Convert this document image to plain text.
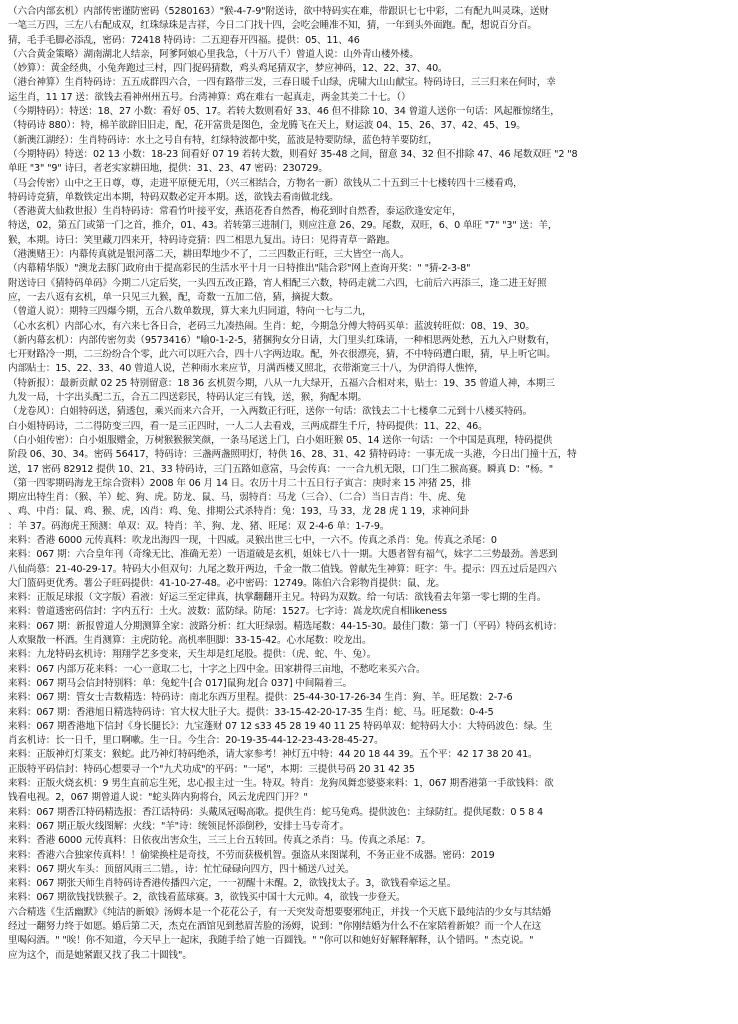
（六合内部玄机）内部传密谨防密码（5280163）"猴-4-7-9"附送诗，欲中特码实在难，带跟识七七中彩，二有配九叫灵珠，送财
一笔三万四，三左八右配成双，红珠绿珠是吉祥，今日二门找十四，会吃会睡准不知，猜，一年到头外面跑。配，想说百分百。
猜，毛手毛脚必添乱，密码：72418 特码诗：二五迎春开四福。提供：05、11、46
（六合黄金策略）湖南湖北人结亲，阿爹阿娘心里我急，（十万八千）曾道人说：山外青山楼外楼。
（妙算）：黄金经典，小兔奔跑过三村，四门捉码猜数，鸡头鸡尾猜双字，梦应神码，12、22、37、40。
（港台神算）生肖特码诗：五五成群四六合，一四有路带三发，三春日暖千山绿，虎啸大山山献宝。特码诗曰，三三归来在何时，幸
运生肖，11 17 送：欲钱去看神州州五号。台湾神算：鸡在难右一起真走，两金其美二十七。（）
（今期特码）：特送：18、27 小数：看好 05、17。若转大数则看好 33、46 但不排除 10、34 曾道人送你一句话：风起雁惊绪生，
（特码诗 880）：特，棉羊欲辟旧旧走，配，花开富贵是图色，金龙腾飞在天上，财运波 04、15、26、37、42、45、19。
（新澳江湖经）：生肖特码诗：水土之号自有特，红绿特波都中奖，蓝波是特要防绿，蓝色特羊要防红，
（今期特码）特送：02 13 小数：18-23 间看好 07 19 若转大数，则看好 35-48 之间，留意 34、32 但不排除 47、46 尾数双旺 "2 "8
单旺 "3" "9" 诗曰，者老实家耕田地，提供：31、23、47 密码：230729。
（马会传密）山中之王日尊，尊，走进平原便无用，（兴三相结合，方物名一新）欲钱从二十五到三十七楼转四十三楼看鸡，
特码诗竞猜，单数铁定出本期，特码双数必定开本期。送，欲钱去看南做北线。
（香港黄大仙救世报）生肖特码诗：常看竹叶接平安，燕语花香自然香，梅花到时自然香，泰运欣逢安定年，
特送，02，第五门或第一门之首，推介，01、43。若转第三进制门，则应注意 26、29。尾数，双旺，6、0 单旺 "7" "3" 送：羊，
猴，本期。诗曰：笑里藏刀四来开，特码诗竞猜：四二相思九复出。诗曰：见得青草一路跑。
（港澳赌王）：内幕传真就是银河落二天，耕田犁地少不了，二三四数正行旺，三大皆空一高人。
（内幕精华版）"澳龙去豚门政府由于提高彩民的生活水平十月一日特推出"陆合彩"网上查询开奖：" "猜-2-3-8"
附送诗曰《猜特码单码》今期二八定后奖，一头四五改正路，宵人相配三六数，特码走就二六四，七前后六再添三，逢二进王好照
应，一去八返有玄机，单一只见三九猴，配，奇数一五加二倍，猜，摘捉大数。
（曾道人说）：期特三四爆今期，五合八数单数现，算大来九归同道，特向一七与二九，
（心水玄机）内部心水，有六来七各日合，老码三九凑热闹。生肖：蛇，今期急分傅大特码买单：蓝波转旺似：08、19、30。
（新内幕玄机）：内部传密勿卖（9573416）"喻0-1-2-5，猪捆狗女分日请，大门里头红珠请，一种相思两处愁，五九入户财数有，
七开财路冷一期，二三纷纷合个零，此六可以旺六合，四十八字两边取。配，外衣很漂亮，猜，不中特码遭白眼，猜，早上听它叫。
内部贴士：15、22、33、40 曾道人说，芒种雨水来应节，月满西楼又照北，衣带渐宽三十八，为伊消得人憔悴，
（特新报）：最新贡献 02 25 特别留意：18 36 玄机贺今期，八从一九大绿开，五福六合相对来，贴士：19、35 曾道人神，本期三
九发一局，十字出头配二五，合五二四送彩民，特码认定三有钱，送，猴，狗配本期。
（龙卷风）：白姐特码送，猜透包，乘兴而来六合开，一入两数正行旺，送你一句话：欲钱去二十七楼拿二元到十八楼买特码。
白小姐特码诗，二二得防变三四，看一是三正四时，一人二人去看戏，三两成群生千斤，特码提供：11、22、46。
（白小姐传密）：白小姐服赠金，万树猴猴猴笑颜，一条马尾送上门，白小姐旺猴 05、14 送你一句话：一个中国是真理，特码提供
阶段 06、30、34。密码 56417，特码诗：三盏两盏照明灯，特供 16、28、31、42 猜特码诗：一事无成一头港，今日出门撞十五，特
送，17 密码 82912 提供 10、21、33 特码诗，三门五路如意富，马会传真：一一合九机无限，口门生二猴高赛。瞬真 D："杨。"
（第一四零期码海龙王综合资料）2008 年 06 月 14 日。农历十月二十五日行子寅言：庚时来 15 冲猪 25，排
期应出特生肖：（猴、羊）蛇、狗、虎。防龙、鼠、马，弱特肖：马龙（三合）、（二合）当日吉肖：牛、虎、兔
、鸡、中肖：鼠、鸡、猴、虎，凶肖：鸡、兔、排期公式杀特肖：兔：193，马 33，龙 28 虎 1 19，求神问卦
：羊 37。码海虎王预测：单双：双。特肖：羊、狗、龙、猪、旺尾：双 2-4-6 单：1-7-9。
来料：香港 6000 元传真料：吹龙出海四一现，十四威。灵猴出世三七中，一六不。传真之杀肖：兔。传真之杀尾：0
来料：067 期：六合皇年刊（奇缘无比、准确无差）一语道破是玄机，姐妹七八十一期。大愚者智有福气，妹字二三势最劲。善恶到
八仙尚慕：21-40-29-17。特码大小但双句：九尾之数开两边，千金一散二值钱。曾献先生神算：旺字：牛。提示：四五过后是四六
大门篮码更优秀。薯公子旺码提供：41-10-27-48。必中密码：12749。陈伯六合彩物肖提供：鼠、龙。
来料：正版足球报（文字版）看液：好运三至定律真，执掌翻翻开主兄。特码为双数。给一句话：欲钱看去年第一零七期的生肖。
来料：曾道透密码信封：字内五行：土火。波数：蓝防绿。防尾：1527。七字诗：嵩龙坎虎自相likeness
来料：067 期：新报曾道人分期测算全家：波路分析：红大旺绿弱。精选尾数：44-15-30。最佳门数：第一门（平码）特码玄机诗：
人欢聚散一杯酒。生肖测算：主虎防轮。高机率胆脚：33-15-42。心水尾数：咬龙出。
来料：九龙特码玄机诗：翔翔学艺多变来，天生却是红尾股。提供：（虎、蛇、牛、兔）。
来料：067 内部万花来料：一心一意取二七，十字之上四中金。田家耕得三亩地，不愁吃来买六合。
来料：067 期马会信封特别料：单：兔蛇牛[合 017]鼠狗龙[合 037] 中间隔着三。
来料：067 期：管女士吉数精选：特码诗：南北东西万里程。提供：25-44-30-17-26-34 生肖：狗、羊。旺尾数：2-7-6
来料：067 期：香港旭日精选特码诗：官大权大肚子大。提供：33-15-42-20-17-35 生肖：蛇、马。旺尾数：0-4-5
来料：067 期香港地下信封《身长腿长》：九宝蓬财 07 12 s33 45 28 19 40 11 25 特码单双：蛇特码大小：大特码波色：绿。生
肖玄机诗：长一日千，里口啊嗽。生一日。今生合：20-19-35-44-12-23-43-28-45-27。
来料：正版神灯灯莱支：猴蛇。此乃神灯特码绝杀，请大家参考！神灯五中特：44 20 18 44 39。五个平：42 17 38 20 41。
正版特平码信封：特码心想要寻一个"九犬功成"的平码："一尾"，本期：三提供号码 20 31 42 35
来料：正版火烧玄机：9 男生直前忘生死，忠心报主过一生。特双。特肖：龙狗凤舞恋婆婆来料：1，067 期香港第一手欲钱料：欲
钱看电视。2，067 期曾道人说："蛇头阵内狗将台，风云龙虎四门开？"
来料：067 期香江特码精选报：香江话特码：头戴凤冠喝高歌。提供生肖：蛇马兔鸡。提供波色：主绿防红。提供尾数：0 5 8 4
来料：067 期正版火线图解：火线："羊"诗：统领昆怀添倒秒，安排士马专奇才。
来料：香港 6000 元传真料：日依夜出害众生，三三上台五转回。传真之杀肖：马。传真之杀尾：7。
来料：香港六合独家传真料！！偷梁换柱是奇技，不劳而获极机智。强盗从来图谋利，不务正业不成器。密码：2019
来料：067 期火车头：顶留风雨三二错。，诗：忙忙碌碌向四方，四十桶送八过关。
来料：067 期张天师生肖特码诗香港传播四六定，一一初醒十未醒。2，欲钱找太子。3，欲钱看牵运之星。
来料：067 期欲钱找铁猴子。2，欲钱看蓝球赛。3，欲钱买中国十大元帅。4，欲钱一步登天。
六合精选《生活幽默》《纯洁的新娘》汤姆本是一个花花公子，有一天突发奇想要娶邪纯正，并找一个天底下最纯洁的少女与其结婚
经过一翻努力终于如愿。婚后第二天，杰克在酒馆见到愁眉苦脸的汤姆，说到："你刚结婚为什么不在家陪着新娘？而一个人在这
里喝闷酒。" "唉！你不知道，今天早上一起床，我随手给了她一百圆钱。" "你可以和她好好解释解释，认个错吗。" 杰克说。"
应为这个，而是她紧跟又找了我二十圆钱"。
